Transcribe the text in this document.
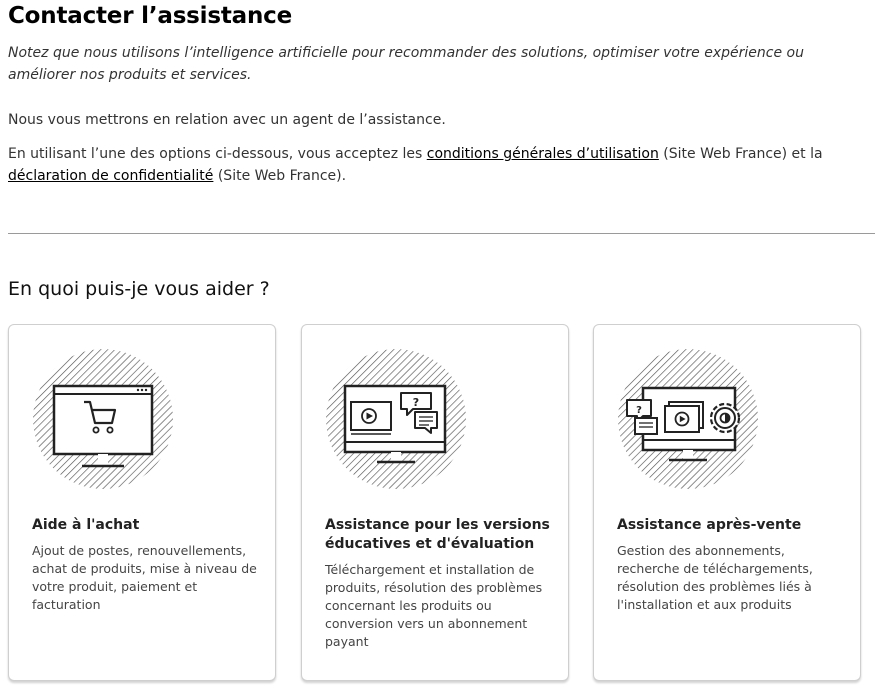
Contacter l’assistance

Notez que nous utilisons l’intelligence artificielle pour recommander des solutions, optimiser votre expérience ou améliorer nos produits et services.

Nous vous mettrons en relation avec un agent de l’assistance.

En utilisant l’une des options ci-dessous, vous acceptez les conditions générales d’utilisation (Site Web France) et la déclaration de confidentialité (Site Web France).

En quoi puis-je vous aider ?
Aide à l'achat

Ajout de postes, renouvellements, achat de produits, mise à niveau de votre produit, paiement et facturation

?
Assistance pour les versions éducatives et d'évaluation

Téléchargement et installation de produits, résolution des problèmes concernant les produits ou conversion vers un abonnement payant

?
Assistance après-vente

Gestion des abonnements, recherche de téléchargements, résolution des problèmes liés à l'installation et aux produits
